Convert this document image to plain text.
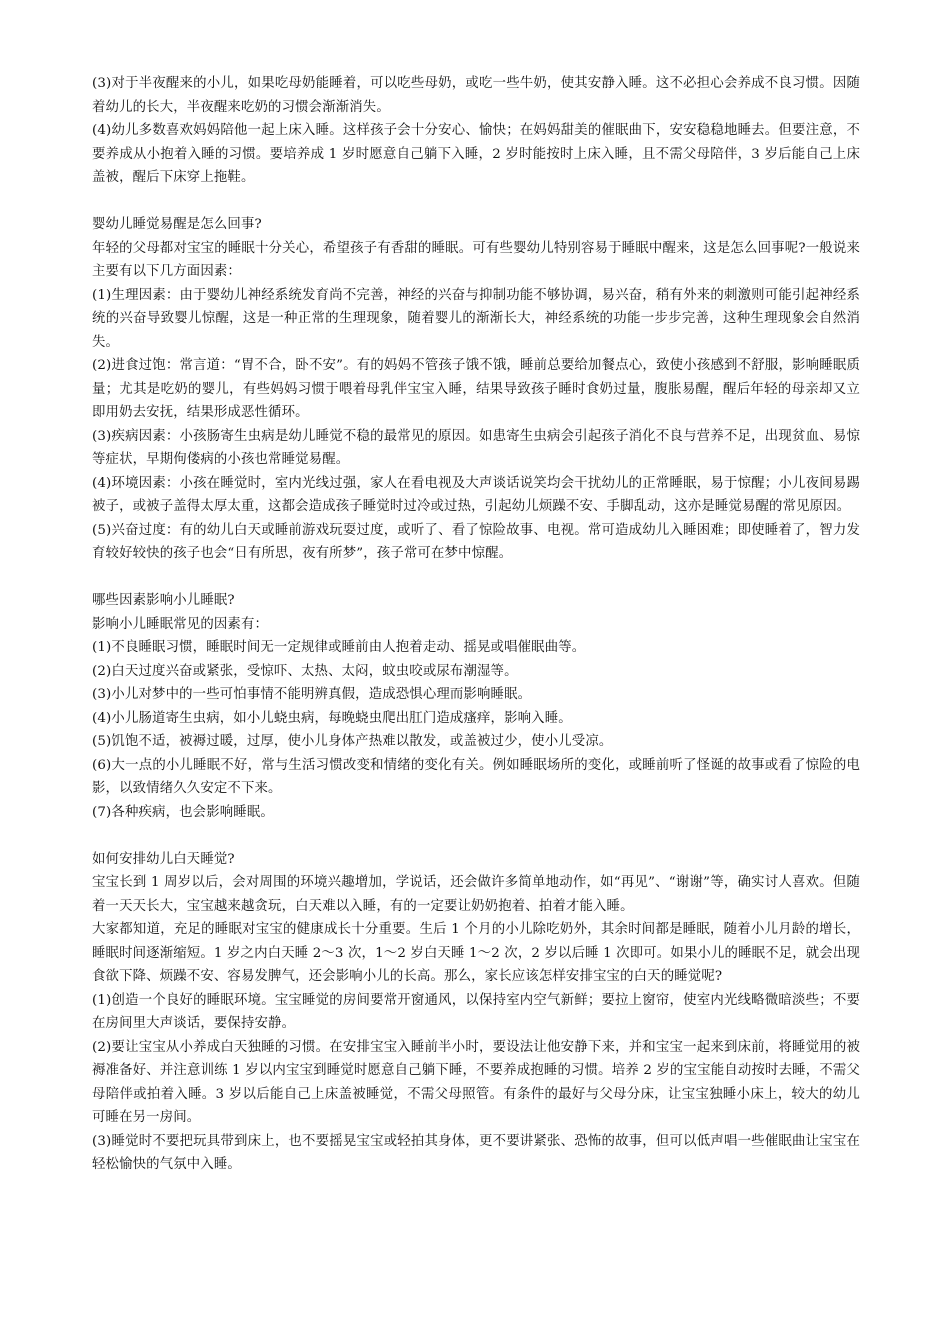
(3)对于半夜醒来的小儿，如果吃母奶能睡着，可以吃些母奶，或吃一些牛奶，使其安静入睡。这不必担心会养成不良习惯。因随着幼儿的长大，半夜醒来吃奶的习惯会渐渐消失。

(4)幼儿多数喜欢妈妈陪他一起上床入睡。这样孩子会十分安心、愉快；在妈妈甜美的催眠曲下，安安稳稳地睡去。但要注意，不要养成从小抱着入睡的习惯。要培养成 1 岁时愿意自己躺下入睡，2 岁时能按时上床入睡，且不需父母陪伴，3 岁后能自己上床盖被，醒后下床穿上拖鞋。

婴幼儿睡觉易醒是怎么回事?

年轻的父母都对宝宝的睡眠十分关心，希望孩子有香甜的睡眠。可有些婴幼儿特别容易于睡眠中醒来，这是怎么回事呢?一般说来主要有以下几方面因素：

(1)生理因素：由于婴幼儿神经系统发育尚不完善，神经的兴奋与抑制功能不够协调，易兴奋，稍有外来的刺激则可能引起神经系统的兴奋导致婴儿惊醒，这是一种正常的生理现象，随着婴儿的渐渐长大，神经系统的功能一步步完善，这种生理现象会自然消失。

(2)进食过饱：常言道：“胃不合，卧不安”。有的妈妈不管孩子饿不饿，睡前总要给加餐点心，致使小孩感到不舒服，影响睡眠质量；尤其是吃奶的婴儿，有些妈妈习惯于喂着母乳伴宝宝入睡，结果导致孩子睡时食奶过量，腹胀易醒，醒后年轻的母亲却又立即用奶去安抚，结果形成恶性循环。

(3)疾病因素：小孩肠寄生虫病是幼儿睡觉不稳的最常见的原因。如患寄生虫病会引起孩子消化不良与营养不足，出现贫血、易惊等症状，早期佝偻病的小孩也常睡觉易醒。

(4)环境因素：小孩在睡觉时，室内光线过强，家人在看电视及大声谈话说笑均会干扰幼儿的正常睡眠，易于惊醒；小儿夜间易踢被子，或被子盖得太厚太重，这都会造成孩子睡觉时过冷或过热，引起幼儿烦躁不安、手脚乱动，这亦是睡觉易醒的常见原因。

(5)兴奋过度：有的幼儿白天或睡前游戏玩耍过度，或听了、看了惊险故事、电视。常可造成幼儿入睡困难；即使睡着了，智力发育较好较快的孩子也会“日有所思，夜有所梦”，孩子常可在梦中惊醒。

哪些因素影响小儿睡眠?

影响小儿睡眠常见的因素有：

(1)不良睡眠习惯，睡眠时间无一定规律或睡前由人抱着走动、摇晃或唱催眠曲等。

(2)白天过度兴奋或紧张，受惊吓、太热、太闷，蚊虫咬或尿布潮湿等。

(3)小儿对梦中的一些可怕事情不能明辨真假，造成恐惧心理而影响睡眠。

(4)小儿肠道寄生虫病，如小儿蛲虫病，每晚蛲虫爬出肛门造成瘙痒，影响入睡。

(5)饥饱不适，被褥过暖，过厚，使小儿身体产热难以散发，或盖被过少，使小儿受凉。

(6)大一点的小儿睡眠不好，常与生活习惯改变和情绪的变化有关。例如睡眠场所的变化，或睡前听了怪诞的故事或看了惊险的电影，以致情绪久久安定不下来。

(7)各种疾病，也会影响睡眠。

如何安排幼儿白天睡觉?

宝宝长到 1 周岁以后，会对周围的环境兴趣增加，学说话，还会做许多简单地动作，如“再见”、“谢谢”等，确实讨人喜欢。但随着一天天长大，宝宝越来越贪玩，白天难以入睡，有的一定要让奶奶抱着、拍着才能入睡。

大家都知道，充足的睡眠对宝宝的健康成长十分重要。生后 1 个月的小儿除吃奶外，其余时间都是睡眠，随着小儿月龄的增长，睡眠时间逐渐缩短。1 岁之内白天睡 2～3 次，1～2 岁白天睡 1～2 次，2 岁以后睡 1 次即可。如果小儿的睡眠不足，就会出现食欲下降、烦躁不安、容易发脾气，还会影响小儿的长高。那么，家长应该怎样安排宝宝的白天的睡觉呢?

(1)创造一个良好的睡眠环境。宝宝睡觉的房间要常开窗通风，以保持室内空气新鲜；要拉上窗帘，使室内光线略微暗淡些；不要在房间里大声谈话，要保持安静。

(2)要让宝宝从小养成白天独睡的习惯。在安排宝宝入睡前半小时，要设法让他安静下来，并和宝宝一起来到床前，将睡觉用的被褥准备好、并注意训练 1 岁以内宝宝到睡觉时愿意自己躺下睡，不要养成抱睡的习惯。培养 2 岁的宝宝能自动按时去睡，不需父母陪伴或拍着入睡。3 岁以后能自己上床盖被睡觉，不需父母照管。有条件的最好与父母分床，让宝宝独睡小床上，较大的幼儿可睡在另一房间。

(3)睡觉时不要把玩具带到床上，也不要摇晃宝宝或轻拍其身体，更不要讲紧张、恐怖的故事，但可以低声唱一些催眠曲让宝宝在轻松愉快的气氛中入睡。
